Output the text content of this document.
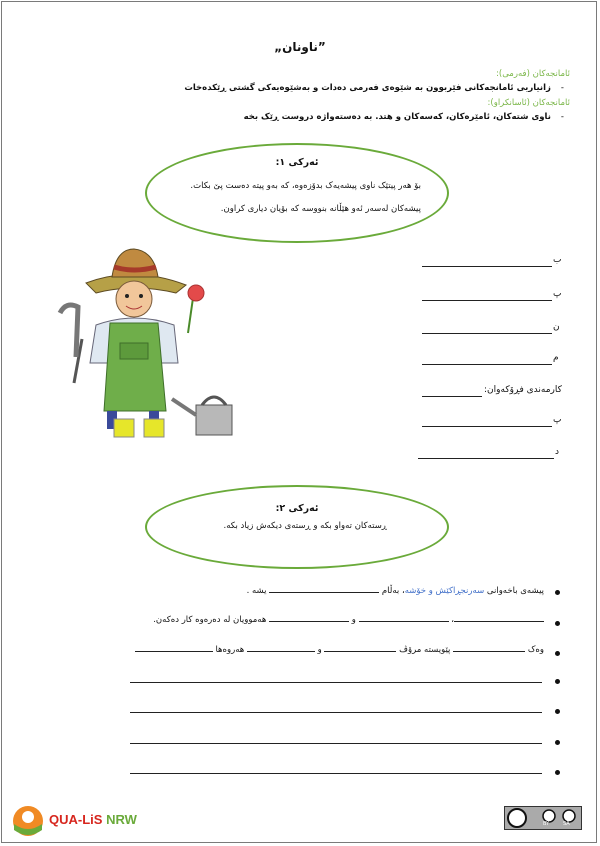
”ناونان„
ئامانجەکان (فەرمی):
-زانیاریی ئامانجەکانی فێربوون بە شێوەی فەرمی دەدات و بەشێوەیەکی گشتی ڕێکدەخات
ئامانجەکان (ئاسانکراو):
-ناوی شتەکان، ئامێرەکان، کەسەکان و هتد. بە دەستەواژە دروست ڕێک بخە
ئەرکی ١:
بۆ هەر پیتێک ناوی پیشەیەک بدۆزەوە، کە بەو پیتە دەست پێ بکات.
پیشەکان لەسەر ئەو هێڵانە بنووسە کە بۆیان دیاری کراون.
ب
پ
ن
م
کارمەندی فڕۆکەوان:
پ
د
ئەرکی ٢:
ڕستەکان تەواو بکە و ڕستەی دیکەش زیاد بکە.
پیشەی باخەوانی سەرنجڕاکێش و خۆشە، بەڵام  یشە .
،  و  هەموویان لە دەرەوە کار دەکەن.
وەک  پێویستە مرۆڤ  و  هەروەها
QUA-LiS NRW	BY	SA
